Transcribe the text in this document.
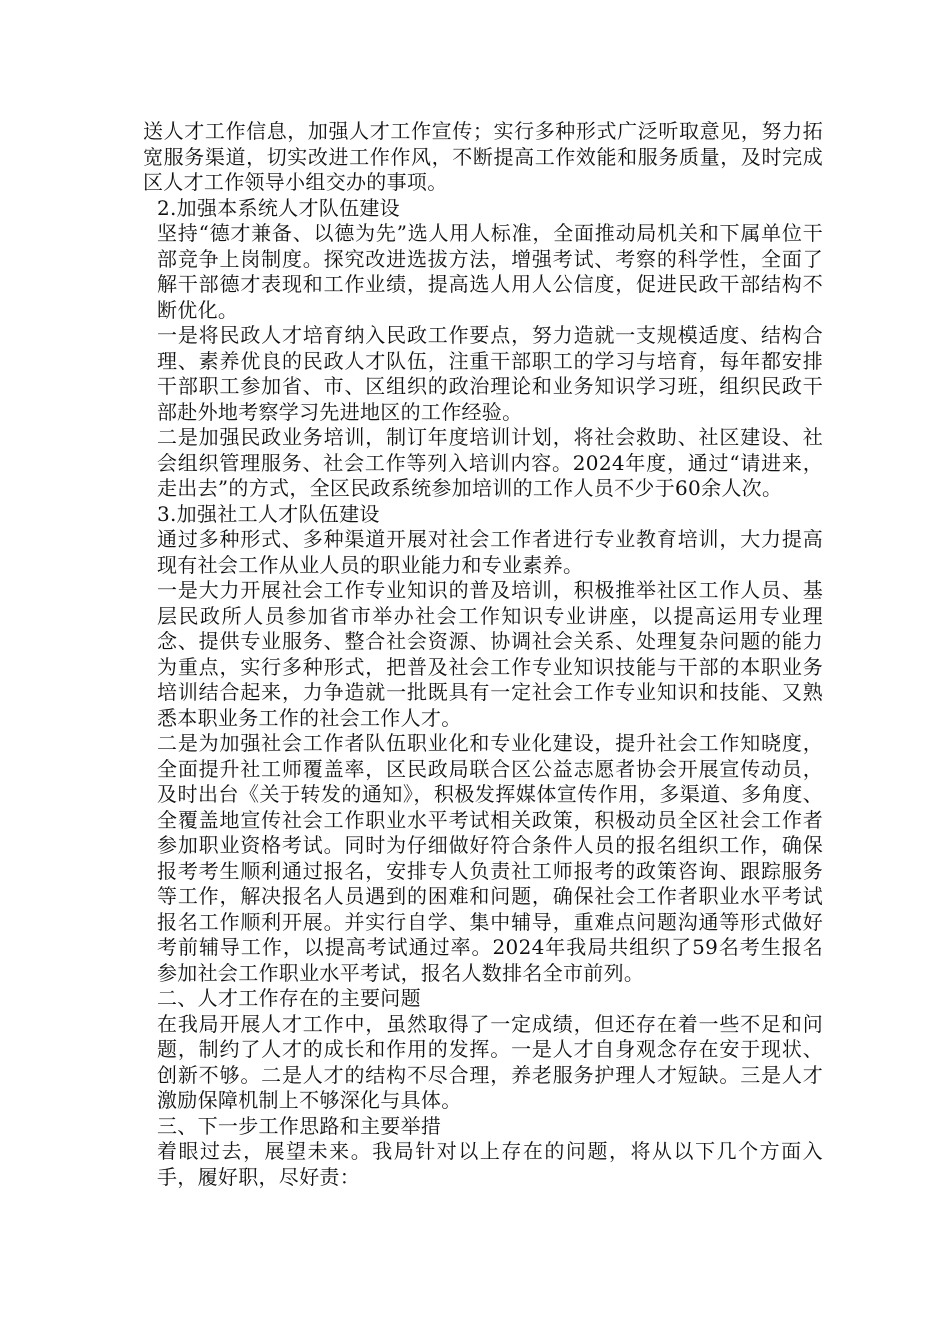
送人才工作信息，加强人才工作宣传；实行多种形式广泛听取意见，努力拓宽服务渠道，切实改进工作作风，不断提高工作效能和服务质量，及时完成区人才工作领导小组交办的事项。

2.加强本系统人才队伍建设

坚持“德才兼备、以德为先”选人用人标准，全面推动局机关和下属单位干部竞争上岗制度。探究改进选拔方法，增强考试、考察的科学性，全面了解干部德才表现和工作业绩，提高选人用人公信度，促进民政干部结构不断优化。

一是将民政人才培育纳入民政工作要点，努力造就一支规模适度、结构合理、素养优良的民政人才队伍，注重干部职工的学习与培育，每年都安排干部职工参加省、市、区组织的政治理论和业务知识学习班，组织民政干部赴外地考察学习先进地区的工作经验。

二是加强民政业务培训，制订年度培训计划，将社会救助、社区建设、社会组织管理服务、社会工作等列入培训内容。2024年度，通过“请进来，走出去”的方式，全区民政系统参加培训的工作人员不少于60余人次。

3.加强社工人才队伍建设

通过多种形式、多种渠道开展对社会工作者进行专业教育培训，大力提高现有社会工作从业人员的职业能力和专业素养。

一是大力开展社会工作专业知识的普及培训，积极推举社区工作人员、基层民政所人员参加省市举办社会工作知识专业讲座，以提高运用专业理念、提供专业服务、整合社会资源、协调社会关系、处理复杂问题的能力为重点，实行多种形式，把普及社会工作专业知识技能与干部的本职业务培训结合起来，力争造就一批既具有一定社会工作专业知识和技能、又熟悉本职业务工作的社会工作人才。

二是为加强社会工作者队伍职业化和专业化建设，提升社会工作知晓度，全面提升社工师覆盖率，区民政局联合区公益志愿者协会开展宣传动员，及时出台《关于转发的通知》，积极发挥媒体宣传作用，多渠道、多角度、全覆盖地宣传社会工作职业水平考试相关政策，积极动员全区社会工作者参加职业资格考试。同时为仔细做好符合条件人员的报名组织工作，确保报考考生顺利通过报名，安排专人负责社工师报考的政策咨询、跟踪服务等工作，解决报名人员遇到的困难和问题，确保社会工作者职业水平考试报名工作顺利开展。并实行自学、集中辅导，重难点问题沟通等形式做好考前辅导工作，以提高考试通过率。2024年我局共组织了59名考生报名参加社会工作职业水平考试，报名人数排名全市前列。

二、人才工作存在的主要问题

在我局开展人才工作中，虽然取得了一定成绩，但还存在着一些不足和问题，制约了人才的成长和作用的发挥。一是人才自身观念存在安于现状、创新不够。二是人才的结构不尽合理，养老服务护理人才短缺。三是人才激励保障机制上不够深化与具体。

三、下一步工作思路和主要举措

着眼过去，展望未来。我局针对以上存在的问题，将从以下几个方面入手，履好职，尽好责：
